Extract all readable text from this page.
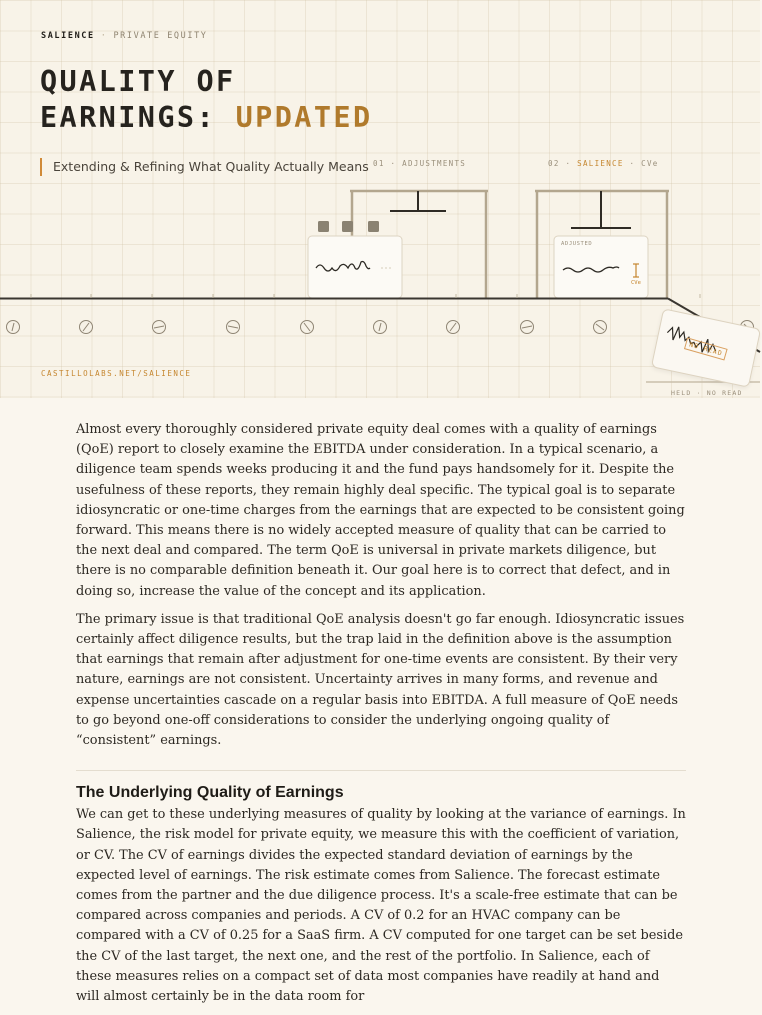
SALIENCE · PRIVATE EQUITY
QUALITY OF
EARNINGS: UPDATED
Extending & Refining What Quality Actually Means 01 · ADJUSTMENTS	02 · SALIENCE · CVe
ADJUSTED
CVe
HELD · NO READ
NO READ
CASTILLOLABS.NET/SALIENCE

Almost every thoroughly considered private equity deal comes with a quality of earnings (QoE) report to closely examine the EBITDA under consideration. In a typical scenario, a diligence team spends weeks producing it and the fund pays handsomely for it. Despite the usefulness of these reports, they remain highly deal specific. The typical goal is to separate idiosyncratic or one-time charges from the earnings that are expected to be consistent going forward. This means there is no widely accepted measure of quality that can be carried to the next deal and compared. The term QoE is universal in private markets diligence, but there is no comparable definition beneath it. Our goal here is to correct that defect, and in doing so, increase the value of the concept and its application.

The primary issue is that traditional QoE analysis doesn't go far enough. Idiosyncratic issues certainly affect diligence results, but the trap laid in the definition above is the assumption that earnings that remain after adjustment for one-time events are consistent. By their very nature, earnings are not consistent. Uncertainty arrives in many forms, and revenue and expense uncertainties cascade on a regular basis into EBITDA. A full measure of QoE needs to go beyond one-off considerations to consider the underlying ongoing quality of “consistent” earnings.

The Underlying Quality of Earnings

We can get to these underlying measures of quality by looking at the variance of earnings. In Salience, the risk model for private equity, we measure this with the coefficient of variation, or CV. The CV of earnings divides the expected standard deviation of earnings by the expected level of earnings. The risk estimate comes from Salience. The forecast estimate comes from the partner and the due diligence process. It's a scale-free estimate that can be compared across companies and periods. A CV of 0.2 for an HVAC company can be compared with a CV of 0.25 for a SaaS firm. A CV computed for one target can be set beside the CV of the last target, the next one, and the rest of the portfolio. In Salience, each of these measures relies on a compact set of data most companies have readily at hand and will almost certainly be in the data room for
